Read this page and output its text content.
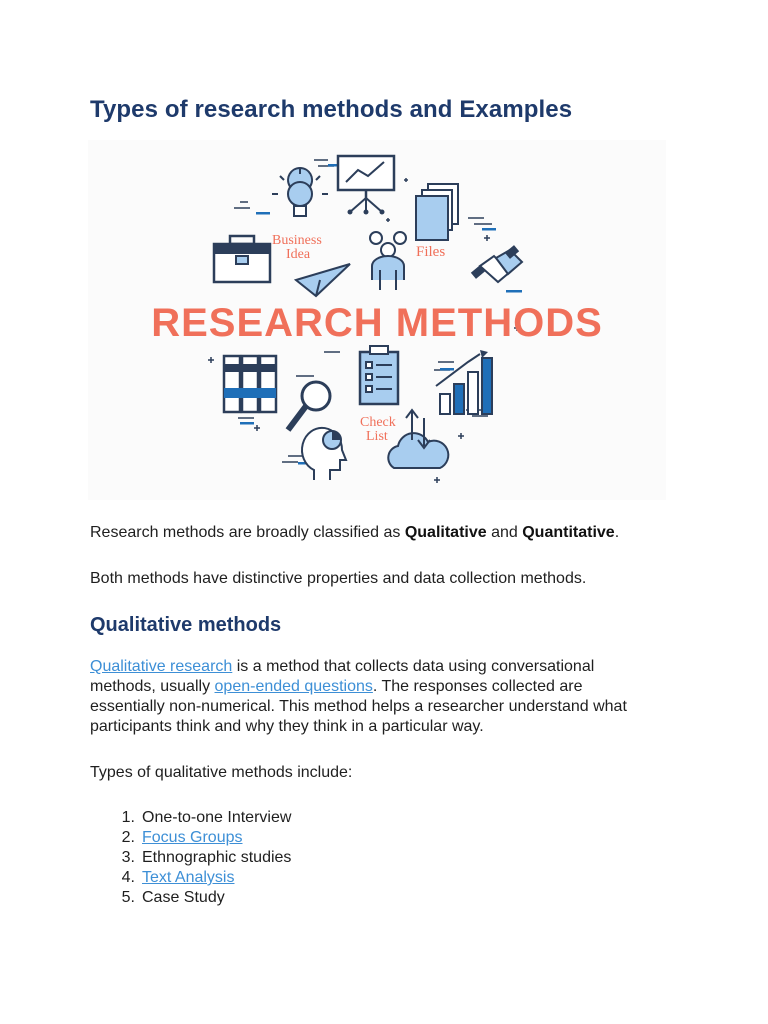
Types of research methods and Examples
Files
Business
Idea
RESEARCH METHODS
Check
List

Research methods are broadly classified as Qualitative and Quantitative.

Both methods have distinctive properties and data collection methods.

Qualitative methods

Qualitative research is a method that collects data using conversational

methods, usually open-ended questions. The responses collected are

essentially non-numerical. This method helps a researcher understand what

participants think and why they think in a particular way.

Types of qualitative methods include:

1. One-to-one Interview
2. Focus Groups
3. Ethnographic studies
4. Text Analysis
5. Case Study
